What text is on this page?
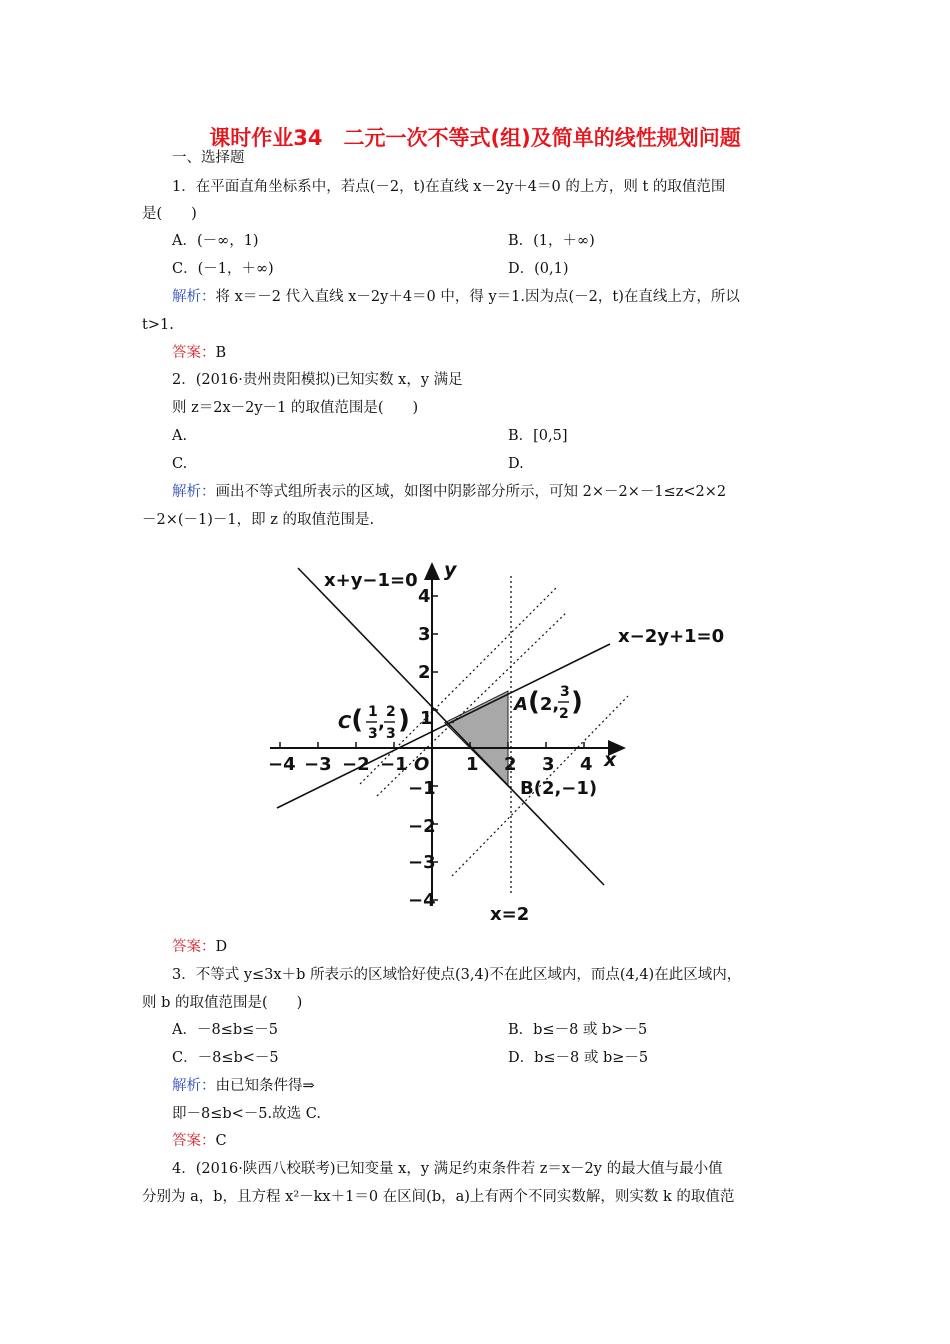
课时作业34　二元一次不等式(组)及简单的线性规划问题
一、选择题
1．在平面直角坐标系中，若点(－2，t)在直线 x－2y＋4＝0 的上方，则 t 的取值范围
是(　　)
A．(－∞，1)	B．(1，＋∞)
C．(－1，＋∞)	D．(0,1)
解析：将 x＝－2 代入直线 x－2y＋4＝0 中，得 y＝1.因为点(－2，t)在直线上方，所以
t>1.
答案：B
2．(2016·贵州贵阳模拟)已知实数 x，y 满足
则 z＝2x－2y－1 的取值范围是(　　)
A.	B．[0,5]
C.	D.
解析：画出不等式组所表示的区域，如图中阴影部分所示，可知 2×－2×－1≤z<2×2
－2×(－1)－1，即 z 的取值范围是.
x+y−1=0
x−2y+1=0
x=2
y
x
O
−4 −3 −2 −1	1 2 3 4
4
3
2
1
−1
−2
−3
−4
A(2,3 2)
B(2,−1)
C( 1 3,2 3)
答案：D
3．不等式 y≤3x＋b 所表示的区域恰好使点(3,4)不在此区域内，而点(4,4)在此区域内，
则 b 的取值范围是(　　)
A．－8≤b≤－5	B．b≤－8 或 b>－5
C．－8≤b<－5	D．b≤－8 或 b≥－5
解析：由已知条件得⇒
即－8≤b<－5.故选 C.
答案：C
4．(2016·陕西八校联考)已知变量 x，y 满足约束条件若 z＝x－2y 的最大值与最小值
分别为 a，b，且方程 x²－kx＋1＝0 在区间(b，a)上有两个不同实数解，则实数 k 的取值范
